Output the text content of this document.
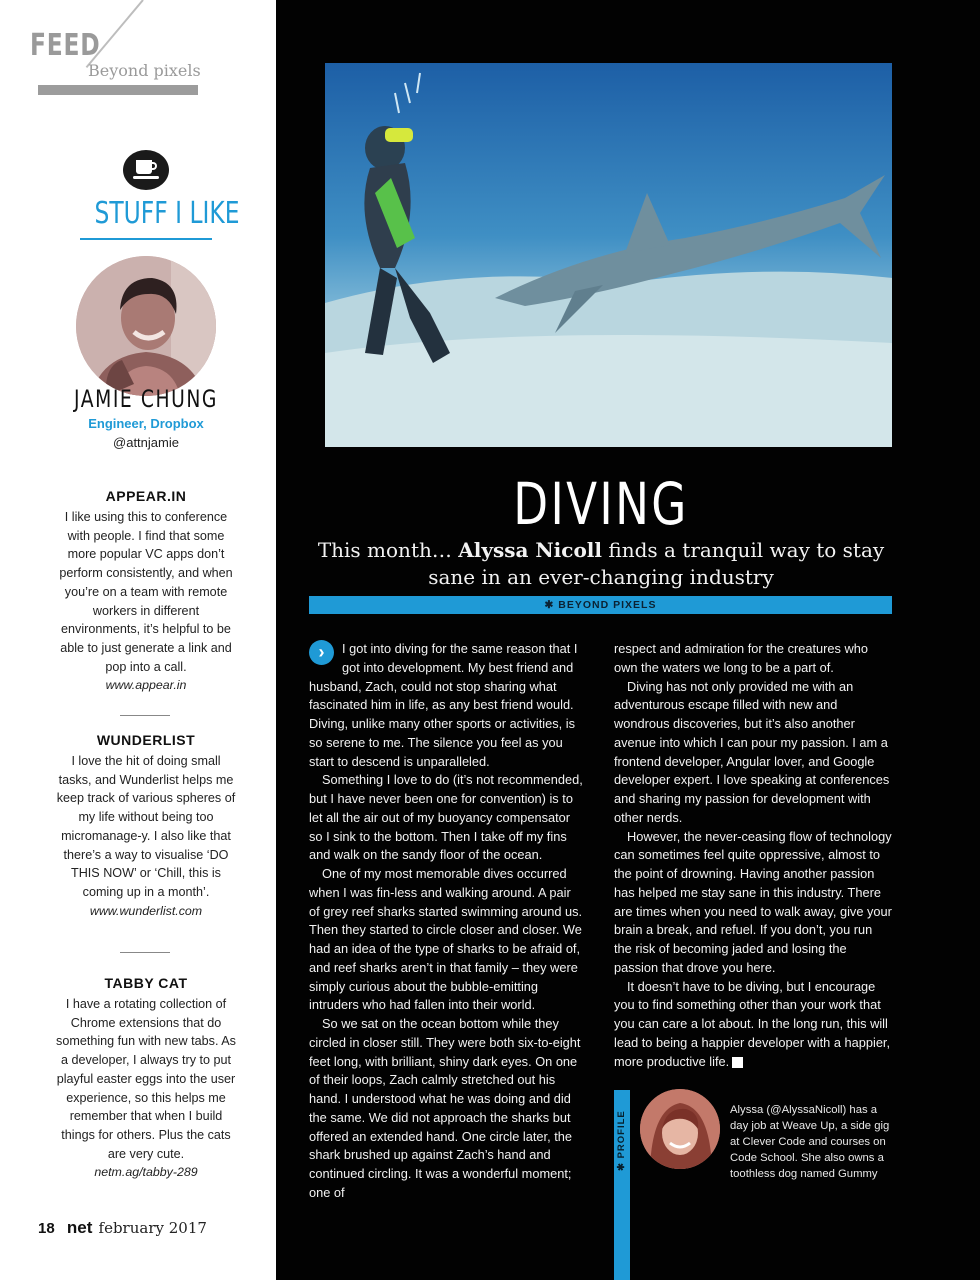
FEED
Beyond pixels
STUFF I LIKE
JAMIE CHUNG
Engineer, Dropbox
@attnjamie
APPEAR.IN

I like using this to conference with people. I find that some more popular VC apps don’t perform consistently, and when you’re on a team with remote workers in different environments, it’s helpful to be able to just generate a link and pop into a call.

www.appear.in

WUNDERLIST

I love the hit of doing small tasks, and Wunderlist helps me keep track of various spheres of my life without being too micromanage-y. I also like that there’s a way to visualise ‘DO THIS NOW’ or ‘Chill, this is coming up in a month’.

www.wunderlist.com

TABBY CAT

I have a rotating collection of Chrome extensions that do something fun with new tabs. As a developer, I always try to put playful easter eggs into the user experience, so this helps me remember that when I build things for others. Plus the cats are very cute.

netm.ag/tabby-289

18 net february 2017
DIVING
This month… Alyssa Nicoll finds a tranquil way to stay sane in an ever-changing industry
✱ BEYOND PIXELS

›	I got into diving for the same reason that I got into development. My best friend and husband, Zach, could not stop sharing what fascinated him in life, as any best friend would. Diving, unlike many other sports or activities, is so serene to me. The silence you feel as you start to descend is unparalleled.

Something I love to do (it’s not recommended, but I have never been one for convention) is to let all the air out of my buoyancy compensator so I sink to the bottom. Then I take off my fins and walk on the sandy floor of the ocean.

One of my most memorable dives occurred when I was fin-less and walking around. A pair of grey reef sharks started swimming around us. Then they started to circle closer and closer. We had an idea of the type of sharks to be afraid of, and reef sharks aren’t in that family – they were simply curious about the bubble-emitting intruders who had fallen into their world.

So we sat on the ocean bottom while they circled in closer still. They were both six-to-eight feet long, with brilliant, shiny dark eyes. On one of their loops, Zach calmly stretched out his hand. I understood what he was doing and did the same. We did not approach the sharks but offered an extended hand. One circle later, the shark brushed up against Zach’s hand and continued circling. It was a wonderful moment; one of

respect and admiration for the creatures who own the waters we long to be a part of.

Diving has not only provided me with an adventurous escape filled with new and wondrous discoveries, but it’s also another avenue into which I can pour my passion. I am a frontend developer, Angular lover, and Google developer expert. I love speaking at conferences and sharing my passion for development with other nerds.

However, the never-ceasing flow of technology can sometimes feel quite oppressive, almost to the point of drowning. Having another passion has helped me stay sane in this industry. There are times when you need to walk away, give your brain a break, and refuel. If you don’t, you run the risk of becoming jaded and losing the passion that drove you here.

It doesn’t have to be diving, but I encourage you to find something other than your work that you can care a lot about. In the long run, this will lead to being a happier developer with a happier, more productive life. n

✱ PROFILE
Alyssa (@AlyssaNicoll) has a day job at Weave Up, a side gig at Clever Code and courses on Code School. She also owns a toothless dog named Gummy
